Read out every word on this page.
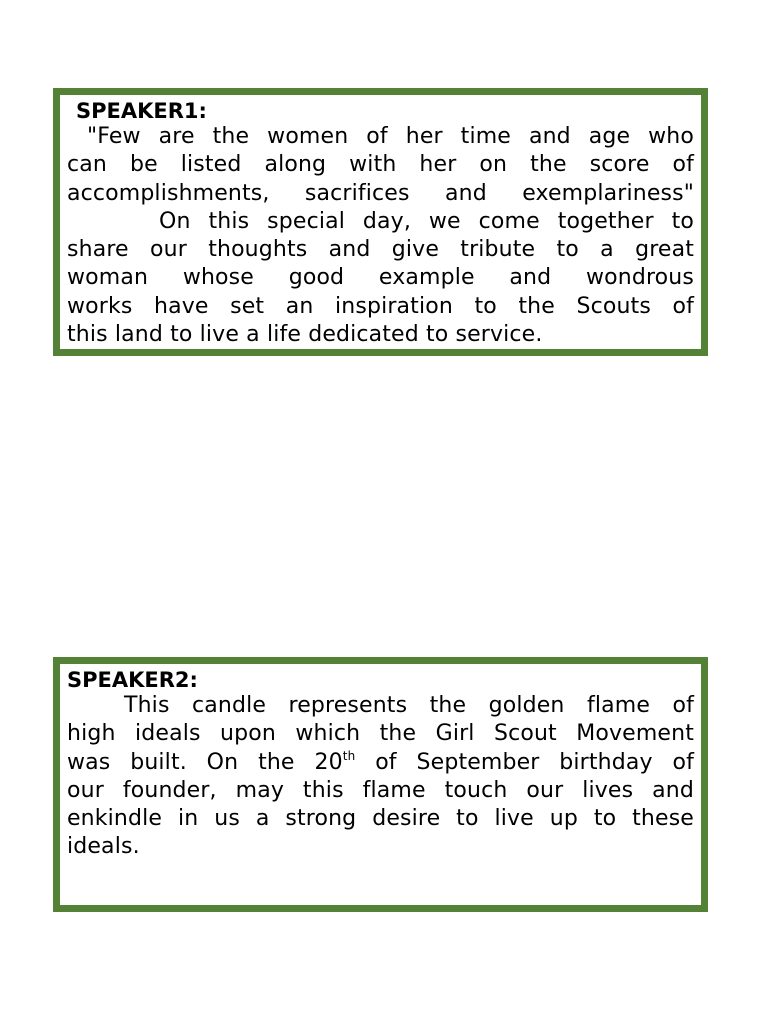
SPEAKER1:

"Few are the women of her time and age who
can be listed along with her on the score of
accomplishments, sacrifices and exemplariness"
On this special day, we come together to
share our thoughts and give tribute to a great
woman whose good example and wondrous
works have set an inspiration to the Scouts of
this land to live a life dedicated to service.

SPEAKER2:

This candle represents the golden flame of
high ideals upon which the Girl Scout Movement
was built. On the 20th of September birthday of
our founder, may this flame touch our lives and
enkindle in us a strong desire to live up to these
ideals.
